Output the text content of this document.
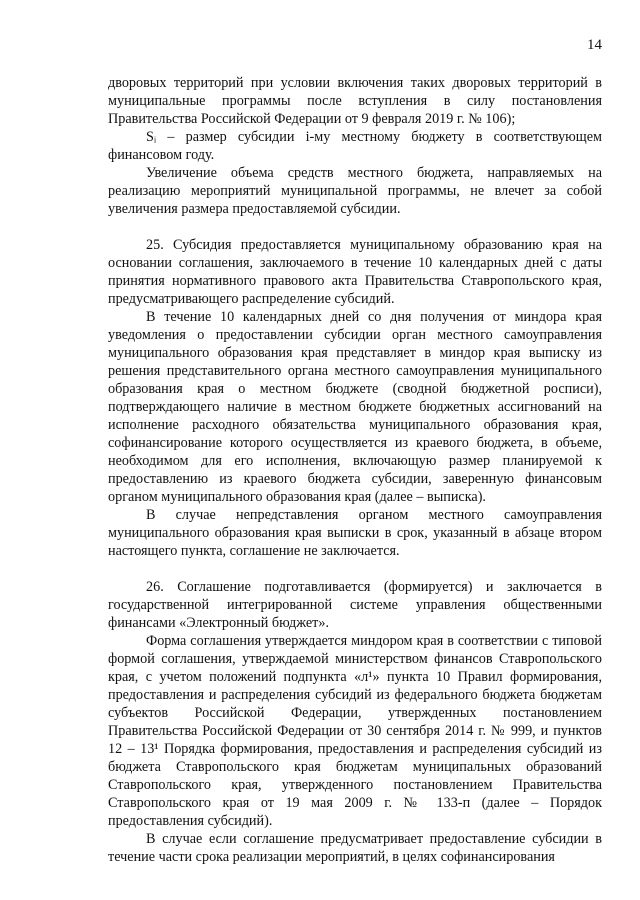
14

дворовых территорий при условии включения таких дворовых территорий в муниципальные программы после вступления в силу постановления Правительства Российской Федерации от 9 февраля 2019 г. № 106);

Sᵢ – размер субсидии i-му местному бюджету в соответствующем финансовом году.

Увеличение объема средств местного бюджета, направляемых на реализацию мероприятий муниципальной программы, не влечет за собой увеличения размера предоставляемой субсидии.

25. Субсидия предоставляется муниципальному образованию края на основании соглашения, заключаемого в течение 10 календарных дней с даты принятия нормативного правового акта Правительства Ставропольского края, предусматривающего распределение субсидий.

В течение 10 календарных дней со дня получения от миндора края уведомления о предоставлении субсидии орган местного самоуправления муниципального образования края представляет в миндор края выписку из решения представительного органа местного самоуправления муниципального образования края о местном бюджете (сводной бюджетной росписи), подтверждающего наличие в местном бюджете бюджетных ассигнований на исполнение расходного обязательства муниципального образования края, софинансирование которого осуществляется из краевого бюджета, в объеме, необходимом для его исполнения, включающую размер планируемой к предоставлению из краевого бюджета субсидии, заверенную финансовым органом муниципального образования края (далее – выписка).

В случае непредставления органом местного самоуправления муниципального образования края выписки в срок, указанный в абзаце втором настоящего пункта, соглашение не заключается.

26. Соглашение подготавливается (формируется) и заключается в государственной интегрированной системе управления общественными финансами «Электронный бюджет».

Форма соглашения утверждается миндором края в соответствии с типовой формой соглашения, утверждаемой министерством финансов Ставропольского края, с учетом положений подпункта «л¹» пункта 10 Правил формирования, предоставления и распределения субсидий из федерального бюджета бюджетам субъектов Российской Федерации, утвержденных постановлением Правительства Российской Федерации от 30 сентября 2014 г. № 999, и пунктов 12 – 13¹ Порядка формирования, предоставления и распределения субсидий из бюджета Ставропольского края бюджетам муниципальных образований Ставропольского края, утвержденного постановлением Правительства Ставропольского края от 19 мая 2009 г. № 133-п (далее – Порядок предоставления субсидий).

В случае если соглашение предусматривает предоставление субсидии в течение части срока реализации мероприятий, в целях софинансирования
